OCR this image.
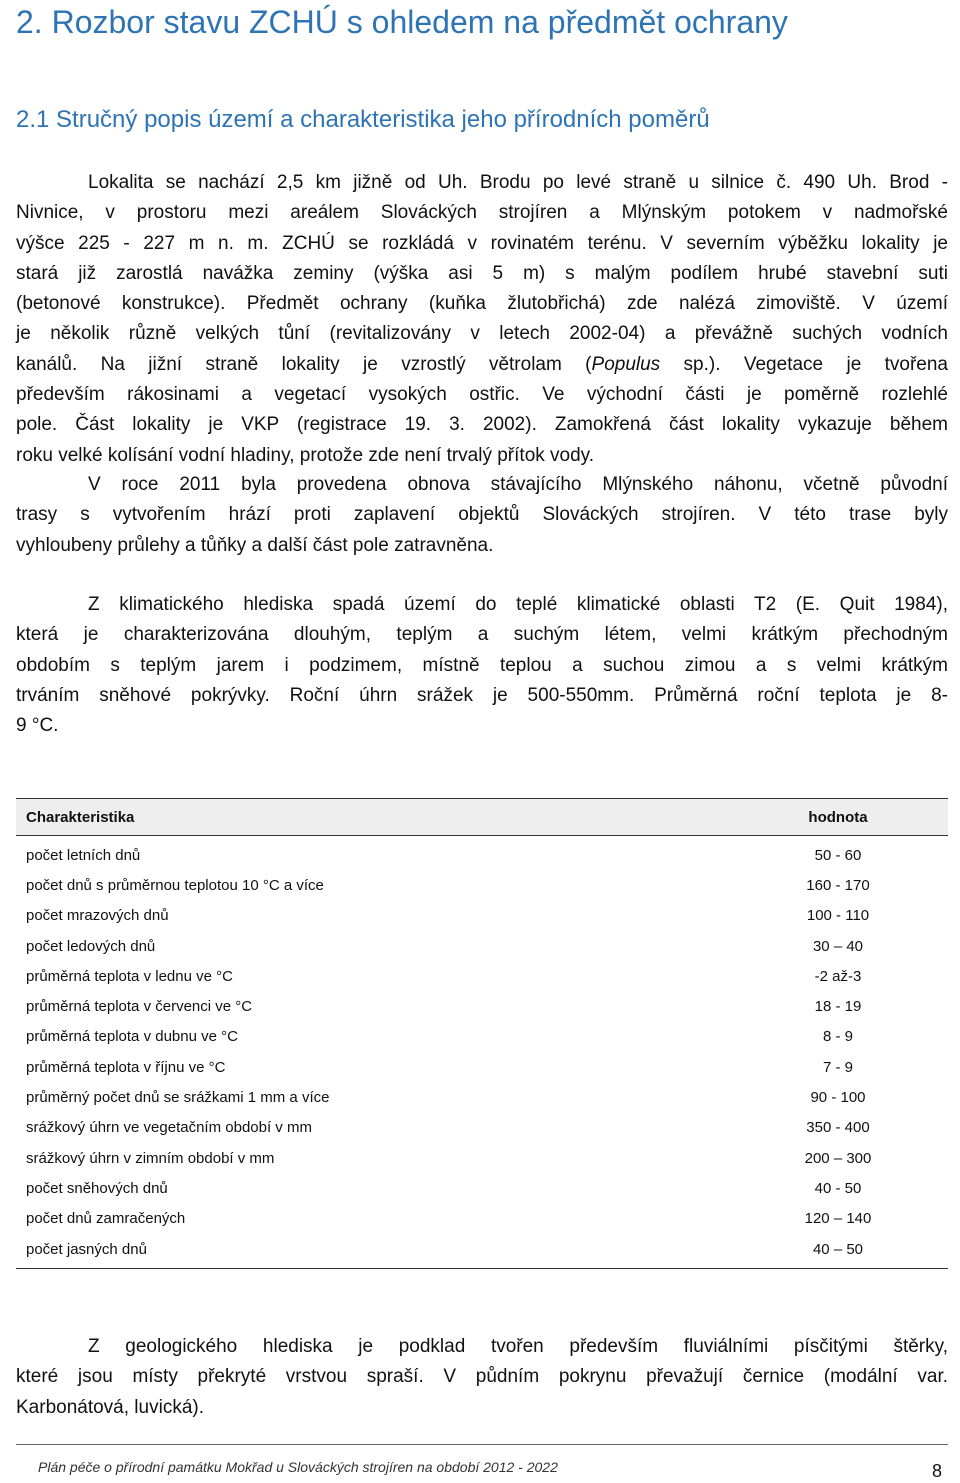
2. Rozbor stavu ZCHÚ s ohledem na předmět ochrany
2.1 Stručný popis území a charakteristika jeho přírodních poměrů

Lokalita se nachází 2,5 km jižně od Uh. Brodu po levé straně u silnice č. 490 Uh. Brod -
Nivnice, v prostoru mezi areálem Slováckých strojíren a Mlýnským potokem v nadmořské
výšce 225 - 227 m n. m. ZCHÚ se rozkládá v rovinatém terénu. V severním výběžku lokality je
stará již zarostlá navážka zeminy (výška asi 5 m) s malým podílem hrubé stavební suti
(betonové konstrukce). Předmět ochrany (kuňka žlutobřichá) zde nalézá zimoviště. V území
je několik různě velkých tůní (revitalizovány v letech 2002-04) a převážně suchých vodních
kanálů. Na jižní straně lokality je vzrostlý větrolam (Populus sp.). Vegetace je tvořena
především rákosinami a vegetací vysokých ostřic. Ve východní části je poměrně rozlehlé
pole. Část lokality je VKP (registrace 19. 3. 2002). Zamokřená část lokality vykazuje během
roku velké kolísání vodní hladiny, protože zde není trvalý přítok vody.

V roce 2011 byla provedena obnova stávajícího Mlýnského náhonu, včetně původní
trasy s vytvořením hrází proti zaplavení objektů Slováckých strojíren. V této trase byly
vyhloubeny průlehy a tůňky a další část pole zatravněna.

Z klimatického hlediska spadá území do teplé klimatické oblasti T2 (E. Quit 1984),
která je charakterizována dlouhým, teplým a suchým létem, velmi krátkým přechodným
obdobím s teplým jarem i podzimem, místně teplou a suchou zimou a s velmi krátkým
trváním sněhové pokrývky. Roční úhrn srážek je 500-550mm. Průměrná roční teplota je 8-
9 °C.

Charakteristika	hodnota
počet letních dnů	50 - 60
počet dnů s průměrnou teplotou 10 °C a více	160 - 170
počet mrazových dnů	100 - 110
počet ledových dnů	30 – 40
průměrná teplota v lednu ve °C	-2 až-3
průměrná teplota v červenci ve °C	18 - 19
průměrná teplota v dubnu ve °C	8 - 9
průměrná teplota v říjnu ve °C	7 - 9
průměrný počet dnů se srážkami 1 mm a více	90 - 100
srážkový úhrn ve vegetačním období v mm	350 - 400
srážkový úhrn v zimním období v mm	200 – 300
počet sněhových dnů	40 - 50
počet dnů zamračených	120 – 140
počet jasných dnů	40 – 50

Z geologického hlediska je podklad tvořen především fluviálními písčitými štěrky,
které jsou místy překryté vrstvou spraší. V půdním pokrynu převažují černice (modální var.
Karbonátová, luvická).

Plán péče o přírodní památku Mokřad u Slováckých strojíren na období 2012 - 2022	8
